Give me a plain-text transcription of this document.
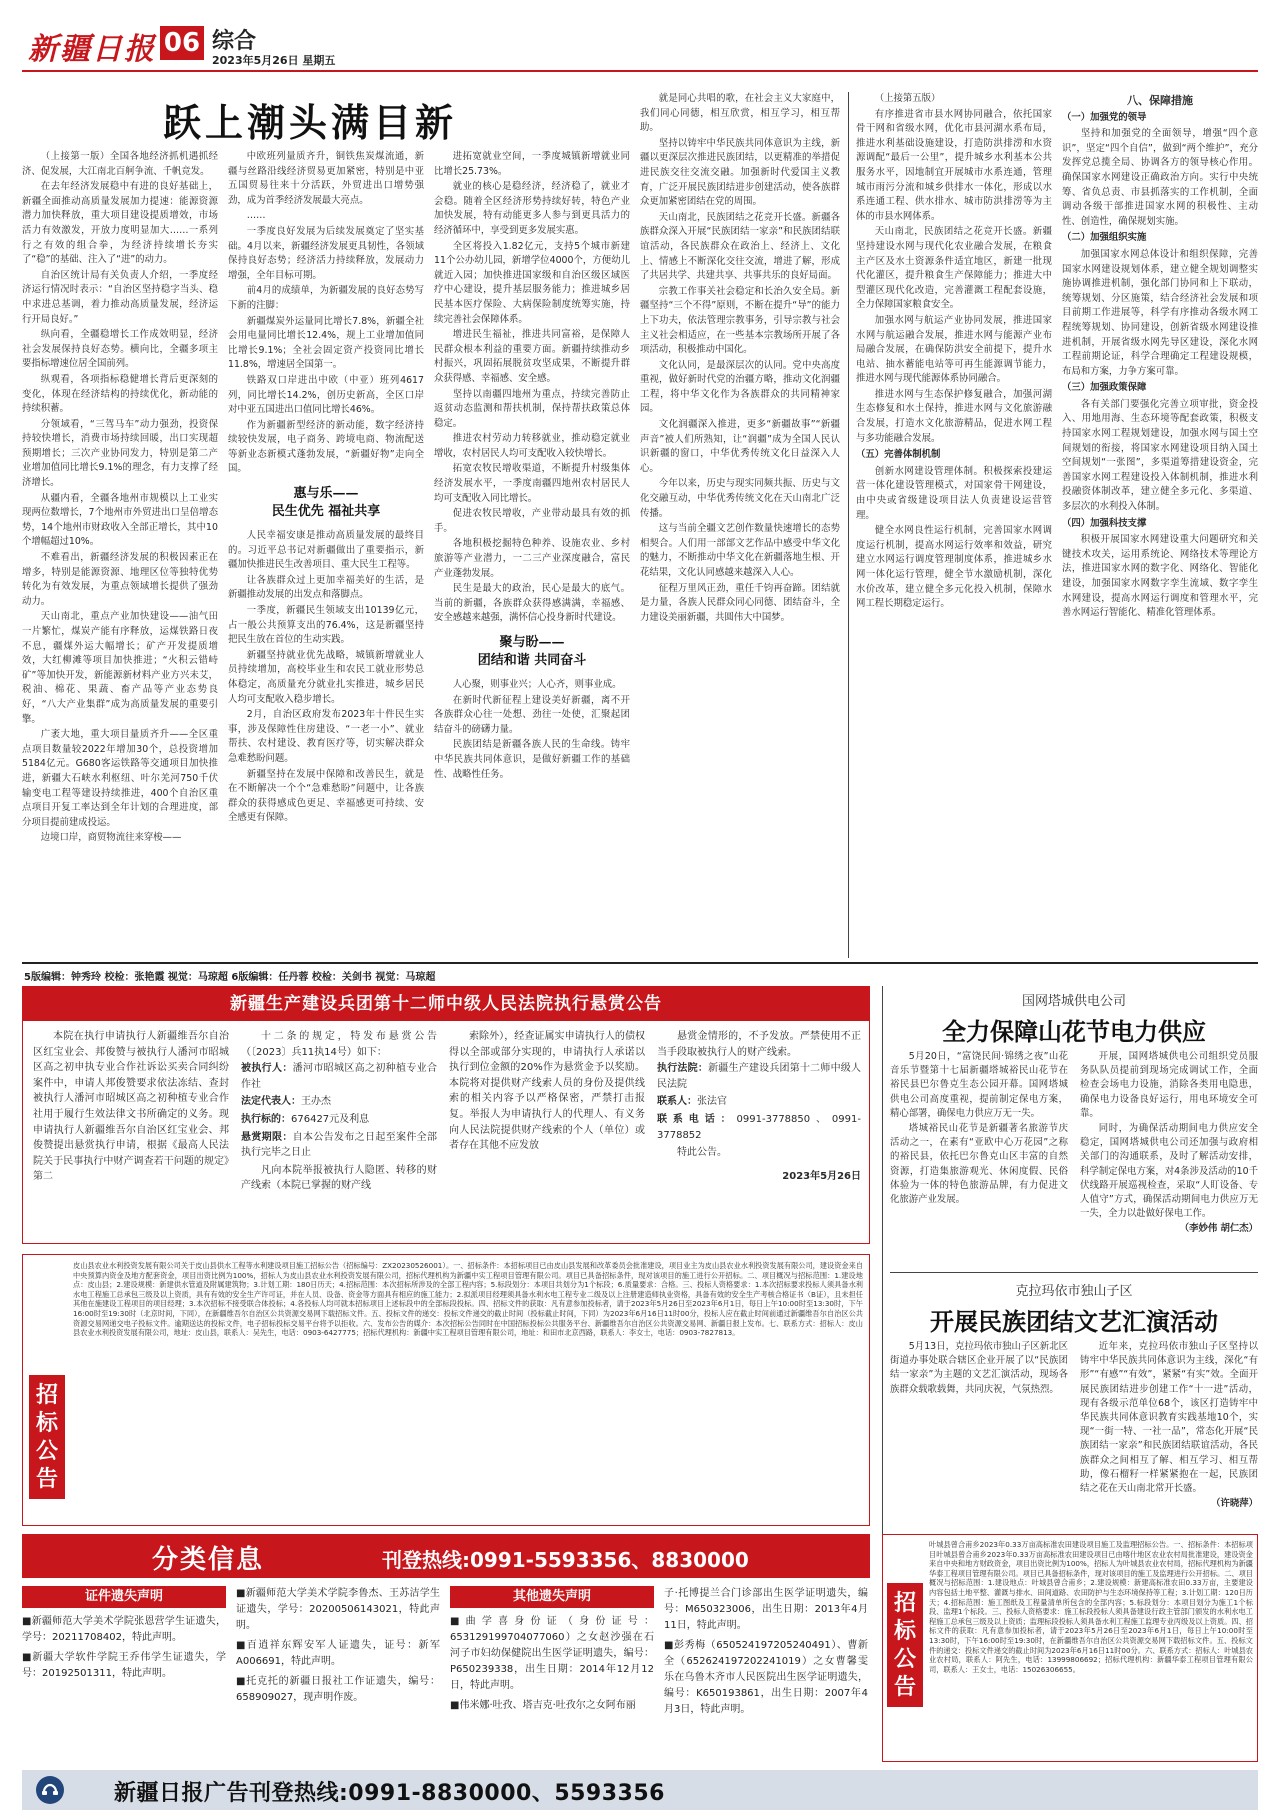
新疆日报 06 综合
2023年5月26日 星期五
跃上潮头满目新

（上接第一版）全国各地经济抓机遇抓经济、促发展，大江南北百舸争流、千帆竞发。

在去年经济发展稳中有进的良好基础上，新疆全面推动高质量发展加力提速：能源资源潜力加快释放，重大项目建设提质增效，市场活力有效激发，开放力度明显加大……一系列行之有效的组合拳，为经济持续增长夯实了“稳”的基础、注入了“进”的动力。

自治区统计局有关负责人介绍，一季度经济运行情况时表示：“自治区坚持稳字当头、稳中求进总基调，着力推动高质量发展，经济运行开局良好。”

纵向看，全疆稳增长工作成效明显，经济社会发展保持良好态势。横向比，全疆多项主要指标增速位居全国前列。

纵观看，各项指标稳健增长背后更深刻的变化，体现在经济结构的持续优化，新动能的持续积蓄。

分领域看，“三驾马车”动力强劲，投资保持较快增长，消费市场持续回暖，出口实现超预期增长；三次产业协同发力，特别是第二产业增加值同比增长9.1%的理念，有力支撑了经济增长。

从疆内看，全疆各地州市规模以上工业实现两位数增长，7个地州市外贸进出口呈倍增态势，14个地州市财政收入全部正增长，其中10个增幅超过10%。

不难看出，新疆经济发展的积极因素正在增多，特别是能源资源、地理区位等独特优势转化为有效发展，为重点领域增长提供了强劲动力。

天山南北，重点产业加快建设——油气田一片繁忙，煤炭产能有序释放，运煤铁路日夜不息，疆煤外运大幅增长；矿产开发提质增效，大红柳滩等项目加快推进；“火积云错峙矿”等加快开发，新能源新材料产业方兴未艾，税油、棉花、果蔬、畜产品等产业态势良好，“八大产业集群”成为高质量发展的重要引擎。

广袤大地，重大项目量质齐升——全区重点项目数量较2022年增加30个，总投资增加5184亿元。G680客运铁路等交通项目加快推进，新疆大石峡水利枢纽、叶尔羌河750千伏输变电工程等建设持续推进，400个自治区重点项目开复工率达到全年计划的合理进度，部分项目提前建成投运。

边境口岸，商贸物流往来穿梭——

中欧班列量质齐升，铜铁焦炭煤流通，新疆与丝路沿线经济贸易更加紧密，特别是中亚五国贸易往来十分活跃，外贸进出口增势强劲，成为首季经济发展最大亮点。

……

一季度良好发展为后续发展奠定了坚实基础。4月以来，新疆经济发展更具韧性，各领域保持良好态势；经济活力持续释放，发展动力增强，全年目标可期。

前4月的成绩单，为新疆发展的良好态势写下新的注脚：

新疆煤炭外运量同比增长7.8%，新疆全社会用电量同比增长12.4%，规上工业增加值同比增长9.1%；全社会固定资产投资同比增长11.8%，增速居全国第一。

铁路双口岸进出中欧（中亚）班列4617列，同比增长14.2%，创历史新高，全区口岸对中亚五国进出口值同比增长46%。

作为新疆新型经济的新动能，数字经济持续较快发展，电子商务、跨境电商、物流配送等新业态新模式蓬勃发展，“新疆好物”走向全国。

惠与乐——
民生优先 福祉共享

人民幸福安康是推动高质量发展的最终目的。习近平总书记对新疆做出了重要指示，新疆加快推进民生改善项目、重大民生工程等。

让各族群众过上更加幸福美好的生活，是新疆推动发展的出发点和落脚点。

一季度，新疆民生领域支出10139亿元，占一般公共预算支出的76.4%，这是新疆坚持把民生放在首位的生动实践。

新疆坚持就业优先战略，城镇新增就业人员持续增加，高校毕业生和农民工就业形势总体稳定，高质量充分就业扎实推进，城乡居民人均可支配收入稳步增长。

2月，自治区政府发布2023年十件民生实事，涉及保障性住房建设、“一老一小”、就业帮扶、农村建设、教育医疗等，切实解决群众急难愁盼问题。

新疆坚持在发展中保障和改善民生，就是在不断解决一个个“急难愁盼”问题中，让各族群众的获得感成色更足、幸福感更可持续、安全感更有保障。

进拓宽就业空间，一季度城镇新增就业同比增长25.73%。

就业的核心是稳经济，经济稳了，就业才会稳。随着全区经济形势持续好转，特色产业加快发展，特有动能更多人参与到更具活力的经济循环中，享受到更多发展实惠。

全区将投入1.82亿元，支持5个城市新建11个公办幼儿园，新增学位4000个，方便幼儿就近入园；加快推进国家级和自治区级区域医疗中心建设，提升基层服务能力；推进城乡居民基本医疗保险、大病保险制度统筹实施，持续完善社会保障体系。

增进民生福祉，推进共同富裕，是保障人民群众根本利益的重要方面。新疆持续推动乡村振兴，巩固拓展脱贫攻坚成果，不断提升群众获得感、幸福感、安全感。

坚持以南疆四地州为重点，持续完善防止返贫动态监测和帮扶机制，保持帮扶政策总体稳定。

推进农村劳动力转移就业，推动稳定就业增收，农村居民人均可支配收入较快增长。

拓宽农牧民增收渠道，不断提升村级集体经济发展水平，一季度南疆四地州农村居民人均可支配收入同比增长。

促进农牧民增收，产业带动最具有效的抓手。

各地积极挖掘特色种养、设施农业、乡村旅游等产业潜力，一二三产业深度融合，富民产业蓬勃发展。

民生是最大的政治，民心是最大的底气。当前的新疆，各族群众获得感满满，幸福感、安全感越来越强，满怀信心投身新时代建设。

聚与盼——
团结和谐 共同奋斗

人心聚，则事业兴；人心齐，则事业成。

在新时代新征程上建设美好新疆，离不开各族群众心往一处想、劲往一处使，汇聚起团结奋斗的磅礴力量。

民族团结是新疆各族人民的生命线。铸牢中华民族共同体意识，是做好新疆工作的基础性、战略性任务。

就是同心共唱的歌，在社会主义大家庭中，我们同心同德，相互欣赏，相互学习，相互帮助。

坚持以铸牢中华民族共同体意识为主线，新疆以更深层次推进民族团结，以更精准的举措促进民族交往交流交融。加强新时代爱国主义教育，广泛开展民族团结进步创建活动，使各族群众更加紧密团结在党的周围。

天山南北，民族团结之花竞开长盛。新疆各族群众深入开展“民族团结一家亲”和民族团结联谊活动，各民族群众在政治上、经济上、文化上、情感上不断深化交往交流，增进了解，形成了共居共学、共建共享、共事共乐的良好局面。

宗教工作事关社会稳定和长治久安全局。新疆坚持“三个不得”原则，不断在提升“导”的能力上下功夫，依法管理宗教事务，引导宗教与社会主义社会相适应，在一些基本宗教场所开展了各项活动，积极推动中国化。

文化认同，是最深层次的认同。党中央高度重视，做好新时代党的治疆方略，推动文化润疆工程，将中华文化作为各族群众的共同精神家园。

文化润疆深入推进，更多“新疆故事”“新疆声音”被人们所熟知，让“润疆”成为全国人民认识新疆的窗口，中华优秀传统文化日益深入人心。

今年以来，历史与现实同频共振、历史与文化交融互动，中华优秀传统文化在天山南北广泛传播。

这与当前全疆文艺创作数量快速增长的态势相契合。人们用一部部文艺作品中感受中华文化的魅力，不断推动中华文化在新疆落地生根、开花结果，文化认同感越来越深入人心。

征程万里风正劲，重任千钧再奋蹄。团结就是力量，各族人民群众同心同德、团结奋斗，全力建设美丽新疆，共圆伟大中国梦。

（上接第五版）

有序推进省市县水网协同融合，依托国家骨干网和省级水网，优化市县河湖水系布局，推进水利基础设施建设，打造防洪排涝和水资源调配“最后一公里”，提升城乡水利基本公共服务水平，因地制宜开展城市水系连通，管理城市雨污分流和城乡供排水一体化，形成以水系连通工程、供水排水、城市防洪排涝等为主体的市县水网体系。

天山南北，民族团结之花竞开长盛。新疆坚持建设水网与现代化农业融合发展，在粮食主产区及水土资源条件适宜地区，新建一批现代化灌区，提升粮食生产保障能力；推进大中型灌区现代化改造，完善灌溉工程配套设施，全力保障国家粮食安全。

加强水网与航运产业协同发展，推进国家水网与航运融合发展，推进水网与能源产业布局融合发展，在确保防洪安全前提下，提升水电站、抽水蓄能电站等可再生能源调节能力，推进水网与现代能源体系协同融合。

推进水网与生态保护修复融合，加强河湖生态修复和水土保持，推进水网与文化旅游融合发展，打造水文化旅游精品，促进水网工程与多功能融合发展。

（五）完善体制机制

创新水网建设管理体制。积极探索投建运营一体化建设管理模式，对国家骨干网建设，由中央或省级建设项目法人负责建设运营管理。

健全水网良性运行机制，完善国家水网调度运行机制，提高水网运行效率和效益，研究建立水网运行调度管理制度体系，推进城乡水网一体化运行管理，健全节水激励机制，深化水价改革，建立健全多元化投入机制，保障水网工程长期稳定运行。

八、保障措施
（一）加强党的领导

坚持和加强党的全面领导，增强“四个意识”，坚定“四个自信”，做到“两个维护”，充分发挥党总揽全局、协调各方的领导核心作用。确保国家水网建设正确政治方向。实行中央统筹、省负总责、市县抓落实的工作机制，全面调动各级干部推进国家水网的积极性、主动性、创造性，确保规划实施。

（二）加强组织实施

加强国家水网总体设计和组织保障，完善国家水网建设规划体系，建立健全规划调整实施协调推进机制，强化部门协同和上下联动，统筹规划、分区施策，结合经济社会发展和项目前期工作进展等，科学有序推动各级水网工程统筹规划、协同建设，创新省级水网建设推进机制，开展省级水网先导区建设，深化水网工程前期论证，科学合理确定工程建设规模，布局和方案，力争方案可靠。

（三）加强政策保障

各有关部门要强化完善立项审批，资金投入、用地用海、生态环境等配套政策，积极支持国家水网工程规划建设，加强水网与国土空间规划的衔接，将国家水网建设项目纳入国土空间规划“一张图”，多渠道筹措建设资金，完善国家水网工程建设投入体制机制，推进水利投融资体制改革，建立健全多元化、多渠道、多层次的水利投入体制。

（四）加强科技支撑

积极开展国家水网建设重大问题研究和关键技术攻关，运用系统论、网络技术等理论方法，推进国家水网的数字化、网络化、智能化建设，加强国家水网数字孪生流域、数字孪生水网建设，提高水网运行调度和管理水平，完善水网运行智能化、精准化管理体系。

5版编辑：钟秀玲 校检：张艳霞 视觉：马琼超 6版编辑：任丹蓉 校检：关剑书 视觉：马琼超
新疆生产建设兵团第十二师中级人民法院执行悬赏公告
本院在执行申请执行人新疆维吾尔自治区红宝业会、邦俊赞与被执行人潘河市昭城区高之初申执专业合作社诉讼买卖合同纠纷案件中，申请人邦俊赞要求依法冻结、查封被执行人潘河市昭城区高之初种植专业合作社用于履行生效法律文书所确定的义务。现申请执行人新疆维吾尔自治区红宝业会、邦俊赞提出悬赏执行申请，根据《最高人民法院关于民事执行中财产调查若干问题的规定》第二

十二条的规定，特发布悬赏公告（〔2023〕兵11执14号）如下：

被执行人：潘河市昭城区高之初种植专业合作社
法定代表人：王办杰
执行标的：676427元及利息
悬赏期限：自本公告发布之日起至案件全部执行完毕之日止

凡向本院举报被执行人隐匿、转移的财产线索（本院已掌握的财产线

索除外），经查证属实申请执行人的债权得以全部或部分实现的，申请执行人承诺以执行到位金额的20%作为悬赏金予以奖励。本院将对提供财产线索人员的身份及提供线索的相关内容予以严格保密，严禁打击报复。举报人为申请执行人的代理人、有义务向人民法院提供财产线索的个人（单位）或者存在其他不应发放

悬赏金情形的，不予发放。严禁使用不正当手段取被执行人的财产线索。

执行法院：新疆生产建设兵团第十二师中级人民法院
联系人：张法官
联系电话：0991-3778850、0991-3778852

特此公告。

2023年5月26日
招标公告
皮山县农业水利投资发展有限公司关于皮山县供水工程等水利建设项目施工招标公告（招标编号：ZX20230526001）。一、招标条件：本招标项目已由皮山县发展和改革委员会批准建设，项目业主为皮山县农业水利投资发展有限公司，建设资金来自中央预算内资金及地方配套资金，项目出资比例为100%，招标人为皮山县农业水利投资发展有限公司，招标代理机构为新疆中实工程项目管理有限公司。项目已具备招标条件，现对该项目的施工进行公开招标。二、项目概况与招标范围：1.建设地点：皮山县；2.建设规模：新建供水管道及附属建筑物；3.计划工期：180日历天；4.招标范围：本次招标所涉及的全部工程内容；5.标段划分：本项目共划分为1个标段；6.质量要求：合格。三、投标人资格要求：1.本次招标要求投标人须具备水利水电工程施工总承包三级及以上资质，具有有效的安全生产许可证，并在人员、设备、资金等方面具有相应的施工能力；2.拟派项目经理须具备水利水电工程专业二级及以上注册建造师执业资格，具备有效的安全生产考核合格证书（B证），且未担任其他在施建设工程项目的项目经理；3.本次招标不接受联合体投标；4.各投标人均可就本招标项目上述标段中的全部标段投标。四、招标文件的获取：凡有意参加投标者，请于2023年5月26日至2023年6月1日，每日上午10:00时至13:30时，下午16:00时至19:30时（北京时间，下同），在新疆维吾尔自治区公共资源交易网下载招标文件。五、投标文件的递交：投标文件递交的截止时间（投标截止时间，下同）为2023年6月16日11时00分，投标人应在截止时间前通过新疆维吾尔自治区公共资源交易网递交电子投标文件。逾期送达的投标文件，电子招标投标交易平台将予以拒收。六、发布公告的媒介：本次招标公告同时在中国招标投标公共服务平台、新疆维吾尔自治区公共资源交易网、新疆日报上发布。七、联系方式：招标人：皮山县农业水利投资发展有限公司，地址：皮山县，联系人：吴先生，电话：0903-6427775；招标代理机构：新疆中实工程项目管理有限公司，地址：和田市北京西路，联系人：李女士，电话：0903-7827813。
国网塔城供电公司
全力保障山花节电力供应

5月20日，“富饶民间·锦绣之夜”山花音乐节暨第十七届新疆塔城裕民山花节在裕民县巴尔鲁克生态公园开幕。国网塔城供电公司高度重视，提前制定保电方案，精心部署，确保电力供应万无一失。

塔城裕民山花节是新疆著名旅游节庆活动之一，在素有“亚欧中心万花园”之称的裕民县，依托巴尔鲁克山区丰富的自然资源，打造集旅游观光、休闲度假、民俗体验为一体的特色旅游品牌，有力促进文化旅游产业发展。

开展，国网塔城供电公司组织党员服务队队员提前到现场完成调试工作，全面检查会场电力设施，消除各类用电隐患，确保电力设备良好运行，用电环境安全可靠。

同时，为确保活动期间电力供应安全稳定，国网塔城供电公司还加强与政府相关部门的沟通联系，及时了解活动安排，科学制定保电方案，对4条涉及活动的10千伏线路开展巡视检查，采取“人盯设备、专人值守”方式，确保活动期间电力供应万无一失，全力以赴做好保电工作。

（李妙伟 胡仁杰）
克拉玛依市独山子区
开展民族团结文艺汇演活动

5月13日，克拉玛依市独山子区新北区街道办事处联合辖区企业开展了以“民族团结一家亲”为主题的文艺汇演活动，现场各族群众载歌载舞，共同庆祝，气氛热烈。

近年来，克拉玛依市独山子区坚持以铸牢中华民族共同体意识为主线，深化“有形”“有感”“有效”，紧紧“有实”效。全面开展民族团结进步创建工作“十一进”活动，现有各级示范单位68个，该区打造铸牢中华民族共同体意识教育实践基地10个，实现“一街一特、一社一品”，常态化开展“民族团结一家亲”和民族团结联谊活动，各民族群众之间相互了解、相互学习、相互帮助，像石榴籽一样紧紧抱在一起，民族团结之花在天山南北常开长盛。

（许晓萍）
分类信息	刊登热线:0991-5593356、8830000
证件遗失声明
■新疆师范大学美术学院张恩营学生证遗失，学号：20211708402，特此声明。
■新疆大学软件学院王乔伟学生证遗失，学号：20192501311，特此声明。
■新疆师范大学美术学院李鲁杰、王苏洁学生证遗失，学号：20200506143021，特此声明。
■百逍祥东辉安军人证遗失，证号：新军A006691，特此声明。
■托克托的新疆日报社工作证遗失，编号：658909027，现声明作废。
其他遗失声明
■曲学喜身份证（身份证号：653129199704077060）之女赵沙强在石河子市妇幼保健院出生医学证明遗失，编号：P650239338，出生日期：2014年12月12日，特此声明。
■伟米娜·吐孜、塔吉克·吐孜尔之女阿布丽
子·托博提兰合门诊部出生医学证明遗失，编号：M650323006，出生日期：2013年4月11日，特此声明。
■彭秀梅（650524197205240491）、曹新全（652624197202241019）之女曹馨雯乐在乌鲁木齐市人民医院出生医学证明遗失，编号：K650193861，出生日期：2007年4月3日，特此声明。
招标公告
叶城县曾合甫乡2023年0.33万亩高标准农田建设项目施工及监理招标公告。一、招标条件：本招标项目叶城县曾合甫乡2023年0.33万亩高标准农田建设项目已由喀什地区农业农村局批准建设，建设资金来自中央和地方财政资金，项目出资比例为100%，招标人为叶城县农业农村局，招标代理机构为新疆华泰工程项目管理有限公司。项目已具备招标条件，现对该项目的施工及监理进行公开招标。二、项目概况与招标范围：1.建设地点：叶城县曾合甫乡；2.建设规模：新建高标准农田0.33万亩，主要建设内容包括土地平整、灌溉与排水、田间道路、农田防护与生态环境保持等工程；3.计划工期：120日历天；4.招标范围：施工图纸及工程量清单所包含的全部内容；5.标段划分：本项目划分为施工1个标段、监理1个标段。三、投标人资格要求：施工标段投标人须具备建设行政主管部门颁发的水利水电工程施工总承包三级及以上资质；监理标段投标人须具备水利工程施工监理专业丙级及以上资质。四、招标文件的获取：凡有意参加投标者，请于2023年5月26日至2023年6月1日，每日上午10:00时至13:30时，下午16:00时至19:30时，在新疆维吾尔自治区公共资源交易网下载招标文件。五、投标文件的递交：投标文件递交的截止时间为2023年6月16日11时00分。六、联系方式：招标人：叶城县农业农村局，联系人：阿先生，电话：13999806692；招标代理机构：新疆华泰工程项目管理有限公司，联系人：王女士，电话：15026306655。
新疆日报广告刊登热线:0991-8830000、5593356
